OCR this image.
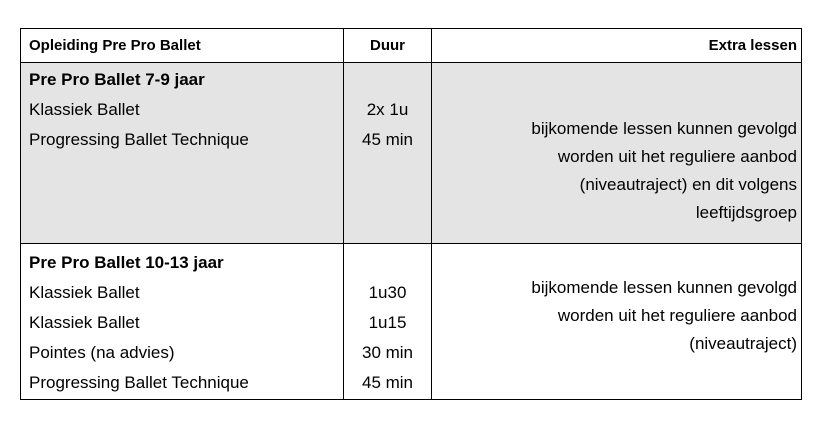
Opleiding Pre Pro Ballet	Duur	Extra lessen
Pre Pro Ballet 7-9 jaar
Klassiek Ballet
Progressing Ballet Technique
2x 1u
45 min
bijkomende lessen kunnen gevolgd
worden uit het reguliere aanbod
(niveautraject) en dit volgens
leeftijdsgroep
Pre Pro Ballet 10-13 jaar
Klassiek Ballet
Klassiek Ballet
Pointes (na advies)
Progressing Ballet Technique
1u30
1u15
30 min
45 min
bijkomende lessen kunnen gevolgd
worden uit het reguliere aanbod
(niveautraject)
